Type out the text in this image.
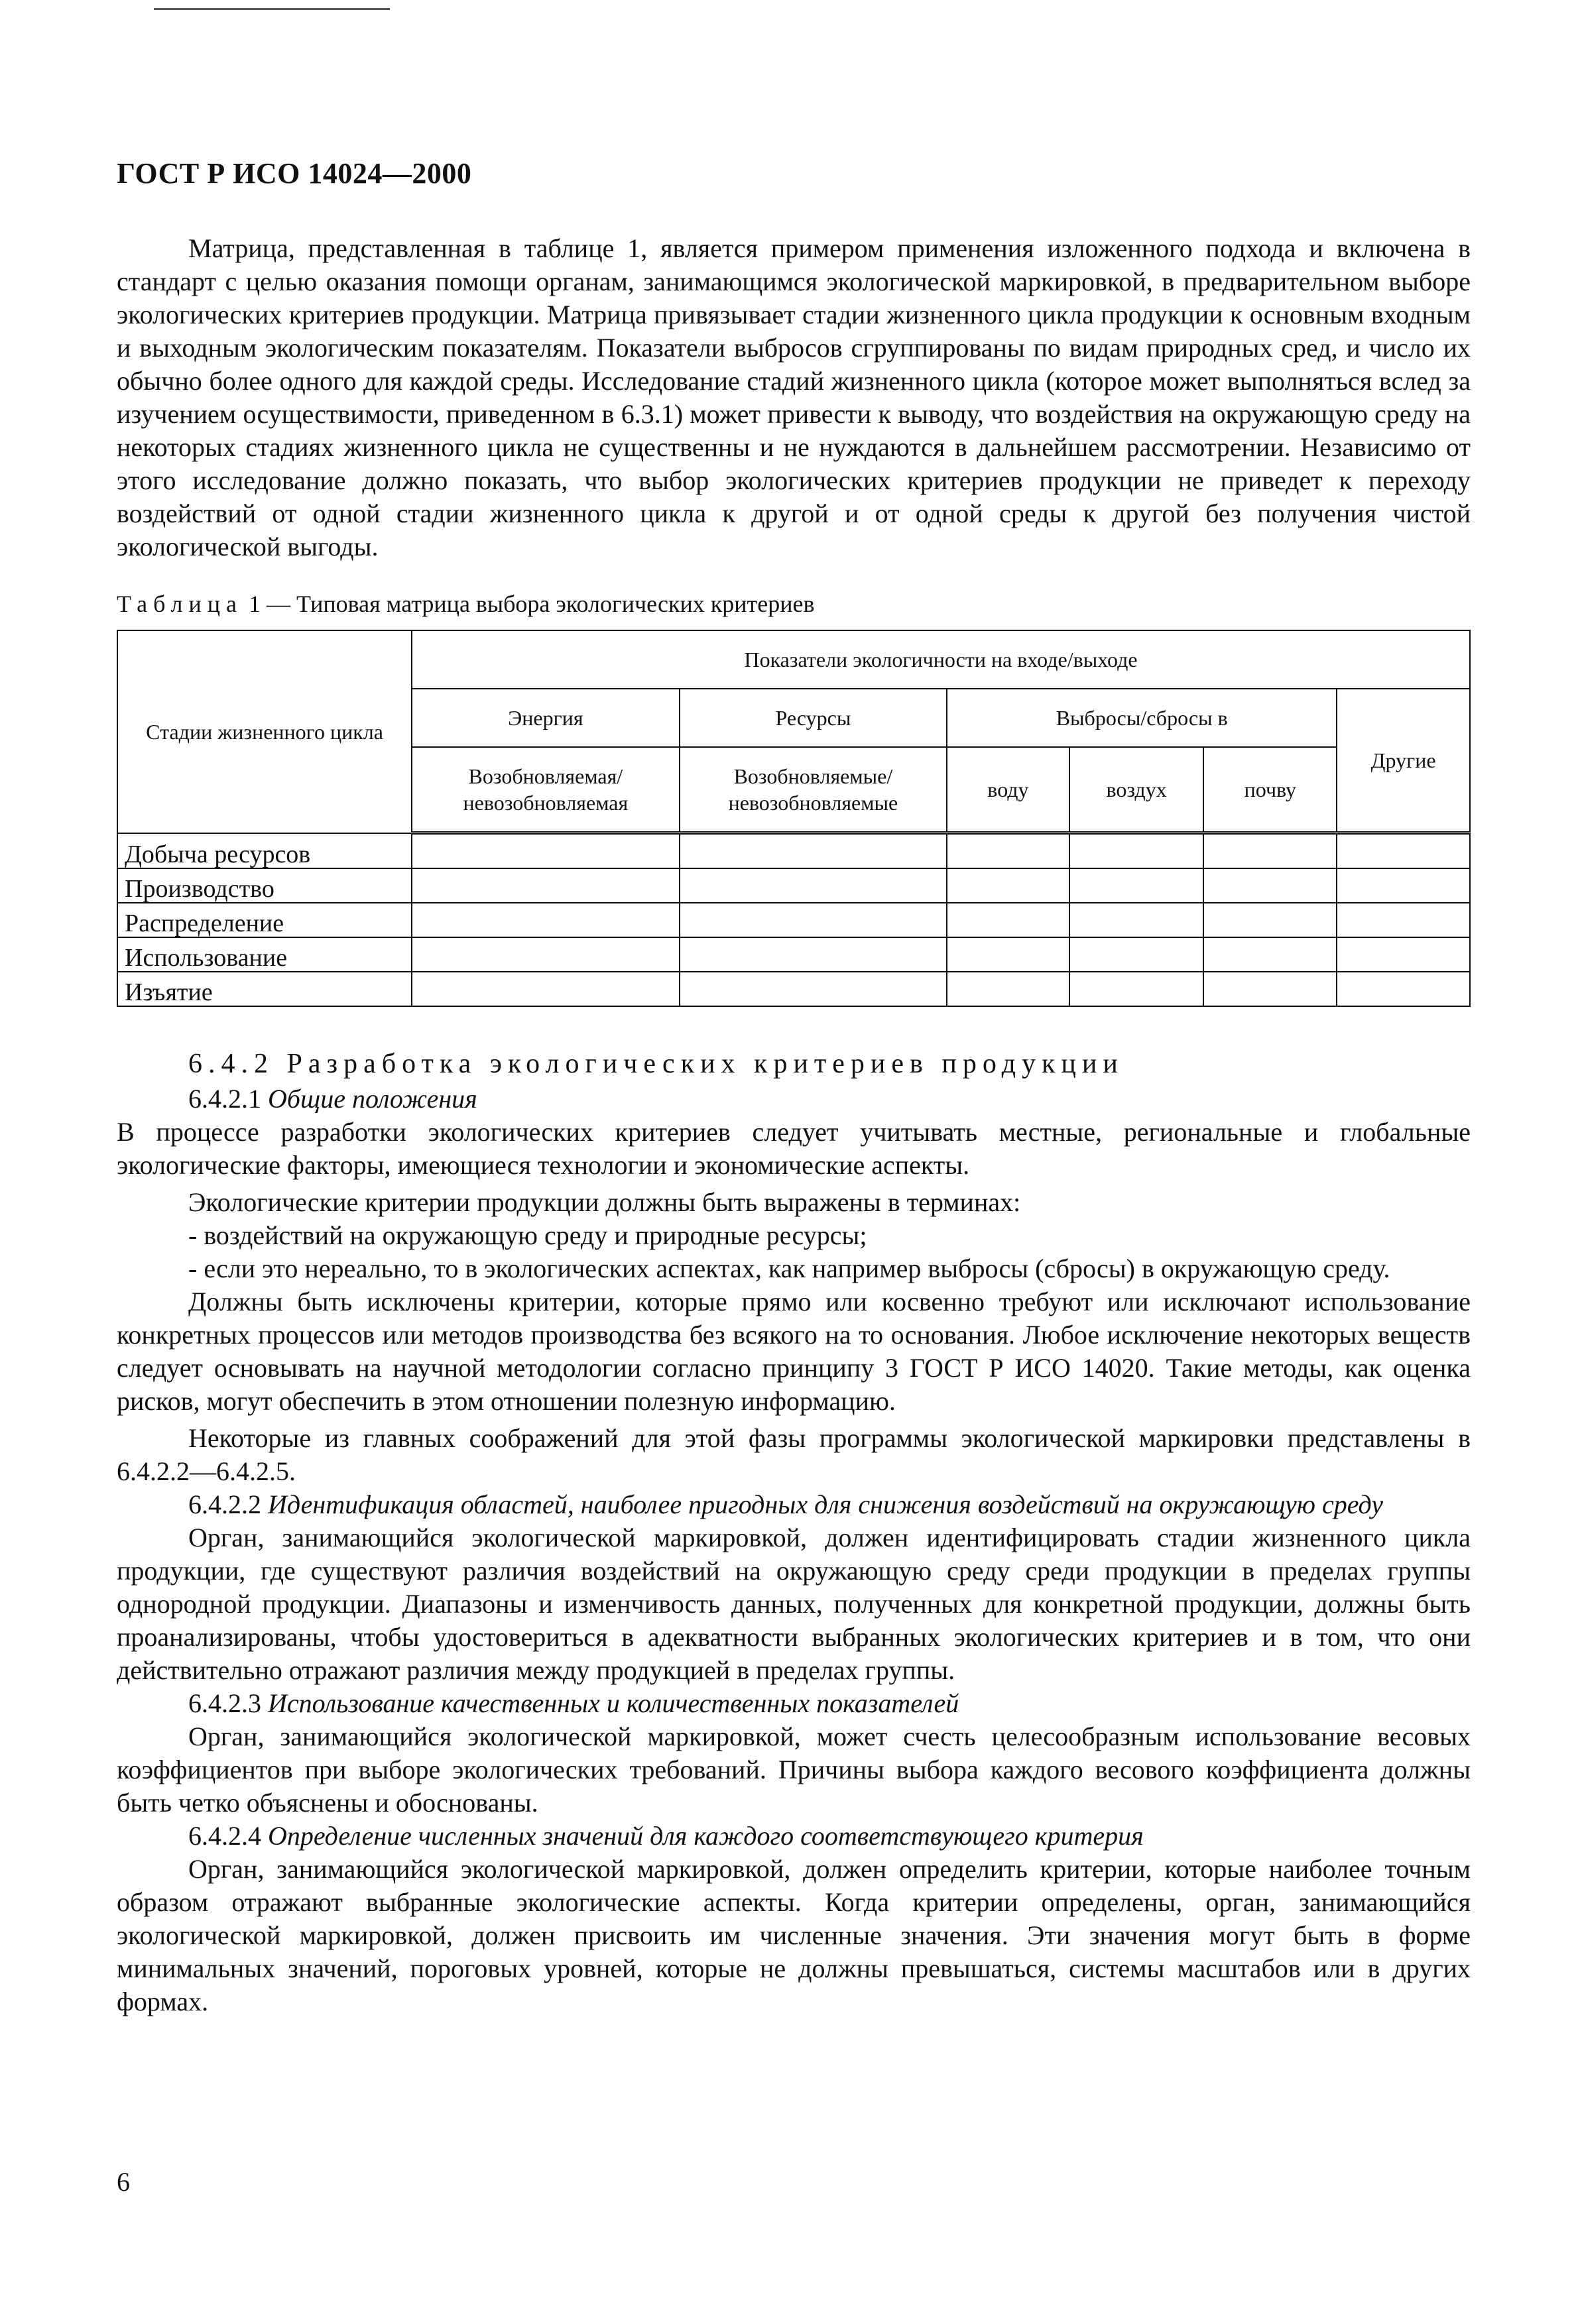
ГОСТ Р ИСО 14024—2000

Матрица, представленная в таблице 1, является примером применения изложенного подхода и включена в стандарт с целью оказания помощи органам, занимающимся экологической маркировкой, в предварительном выборе экологических критериев продукции. Матрица привязывает стадии жизненного цикла продукции к основным входным и выходным экологическим показателям. Показатели выбросов сгруппированы по видам природных сред, и число их обычно более одного для каждой среды. Исследование стадий жизненного цикла (которое может выполняться вслед за изучением осуществимости, приведенном в 6.3.1) может привести к выводу, что воздействия на окружающую среду на некоторых стадиях жизненного цикла не существенны и не нуждаются в дальнейшем рассмотрении. Независимо от этого исследование должно показать, что выбор экологических критериев продукции не приведет к переходу воздействий от одной стадии жизненного цикла к другой и от одной среды к другой без получения чистой экологической выгоды.

Таблица 1 — Типовая матрица выбора экологических критериев
Стадии жизненного цикла	Показатели экологичности на входе/выходе					
	Энергия	Ресурсы	Выбросы/сбросы в			Другие
	Возобновляемая/ невозобновляемая	Возобновляемые/ невозобновляемые	воду	воздух	почву	
Добыча ресурсов						
Производство						
Распределение						
Использование						
Изъятие						
6.4.2 Разработка экологических критериев продукции
6.4.2.1 Общие положения

В процессе разработки экологических критериев следует учитывать местные, региональные и глобальные экологические факторы, имеющиеся технологии и экономические аспекты.

Экологические критерии продукции должны быть выражены в терминах:

- воздействий на окружающую среду и природные ресурсы;

- если это нереально, то в экологических аспектах, как например выбросы (сбросы) в окружающую среду.

Должны быть исключены критерии, которые прямо или косвенно требуют или исключают использование конкретных процессов или методов производства без всякого на то основания. Любое исключение некоторых веществ следует основывать на научной методологии согласно принципу 3 ГОСТ Р ИСО 14020. Такие методы, как оценка рисков, могут обеспечить в этом отношении полезную информацию.

Некоторые из главных соображений для этой фазы программы экологической маркировки представлены в 6.4.2.2—6.4.2.5.

6.4.2.2 Идентификация областей, наиболее пригодных для снижения воздействий на окружающую среду

Орган, занимающийся экологической маркировкой, должен идентифицировать стадии жизненного цикла продукции, где существуют различия воздействий на окружающую среду среди продукции в пределах группы однородной продукции. Диапазоны и изменчивость данных, полученных для конкретной продукции, должны быть проанализированы, чтобы удостовериться в адекватности выбранных экологических критериев и в том, что они действительно отражают различия между продукцией в пределах группы.

6.4.2.3 Использование качественных и количественных показателей

Орган, занимающийся экологической маркировкой, может счесть целесообразным использование весовых коэффициентов при выборе экологических требований. Причины выбора каждого весового коэффициента должны быть четко объяснены и обоснованы.

6.4.2.4 Определение численных значений для каждого соответствующего критерия

Орган, занимающийся экологической маркировкой, должен определить критерии, которые наиболее точным образом отражают выбранные экологические аспекты. Когда критерии определены, орган, занимающийся экологической маркировкой, должен присвоить им численные значения. Эти значения могут быть в форме минимальных значений, пороговых уровней, которые не должны превышаться, системы масштабов или в других формах.

6
